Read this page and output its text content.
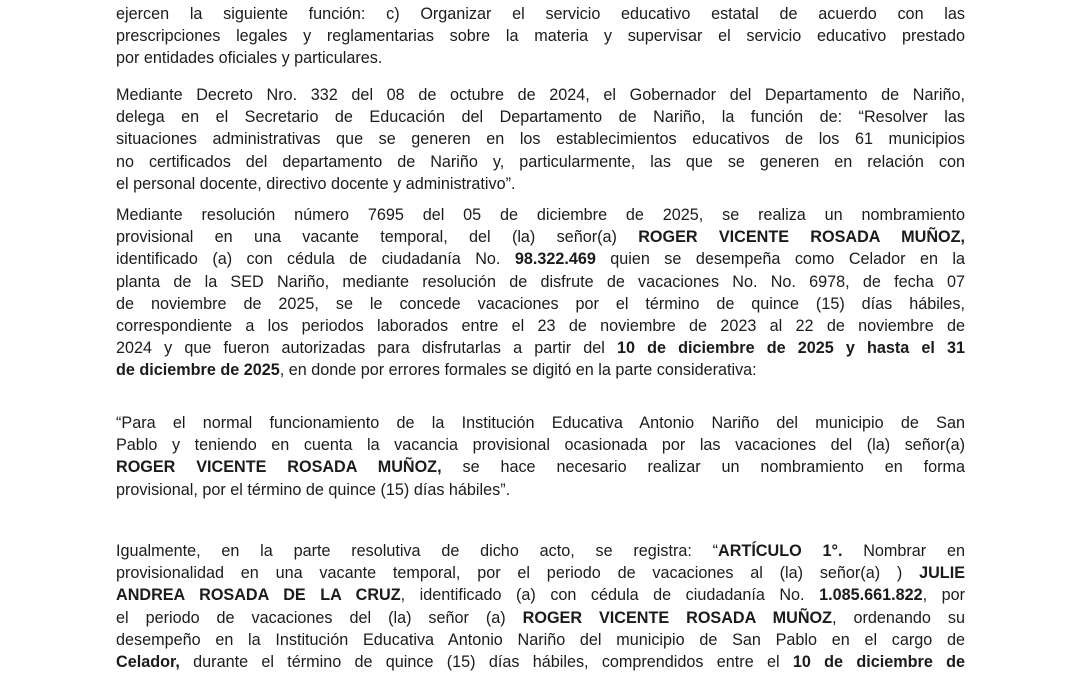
ejercen la siguiente función: c) Organizar el servicio educativo estatal de acuerdo con las
prescripciones legales y reglamentarias sobre la materia y supervisar el servicio educativo prestado
por entidades oficiales y particulares.
Mediante Decreto Nro. 332 del 08 de octubre de 2024, el Gobernador del Departamento de Nariño,
delega en el Secretario de Educación del Departamento de Nariño, la función de: “Resolver las
situaciones administrativas que se generen en los establecimientos educativos de los 61 municipios
no certificados del departamento de Nariño y, particularmente, las que se generen en relación con
el personal docente, directivo docente y administrativo”.
Mediante resolución número 7695 del 05 de diciembre de 2025, se realiza un nombramiento
provisional en una vacante temporal, del (la) señor(a) ROGER VICENTE ROSADA MUÑOZ,
identificado (a) con cédula de ciudadanía No. 98.322.469 quien se desempeña como Celador en la
planta de la SED Nariño, mediante resolución de disfrute de vacaciones No. No. 6978, de fecha 07
de noviembre de 2025, se le concede vacaciones por el término de quince (15) días hábiles,
correspondiente a los periodos laborados entre el 23 de noviembre de 2023 al 22 de noviembre de
2024 y que fueron autorizadas para disfrutarlas a partir del 10 de diciembre de 2025 y hasta el 31
de diciembre de 2025, en donde por errores formales se digitó en la parte considerativa:
“Para el normal funcionamiento de la Institución Educativa Antonio Nariño del municipio de San
Pablo y teniendo en cuenta la vacancia provisional ocasionada por las vacaciones del (la) señor(a)
ROGER VICENTE ROSADA MUÑOZ, se hace necesario realizar un nombramiento en forma
provisional, por el término de quince (15) días hábiles”.
Igualmente, en la parte resolutiva de dicho acto, se registra: “ARTÍCULO 1°. Nombrar en
provisionalidad en una vacante temporal, por el periodo de vacaciones al (la) señor(a) ) JULIE
ANDREA ROSADA DE LA CRUZ, identificado (a) con cédula de ciudadanía No. 1.085.661.822, por
el periodo de vacaciones del (la) señor (a) ROGER VICENTE ROSADA MUÑOZ, ordenando su
desempeño en la Institución Educativa Antonio Nariño del municipio de San Pablo en el cargo de
Celador, durante el término de quince (15) días hábiles, comprendidos entre el 10 de diciembre de
